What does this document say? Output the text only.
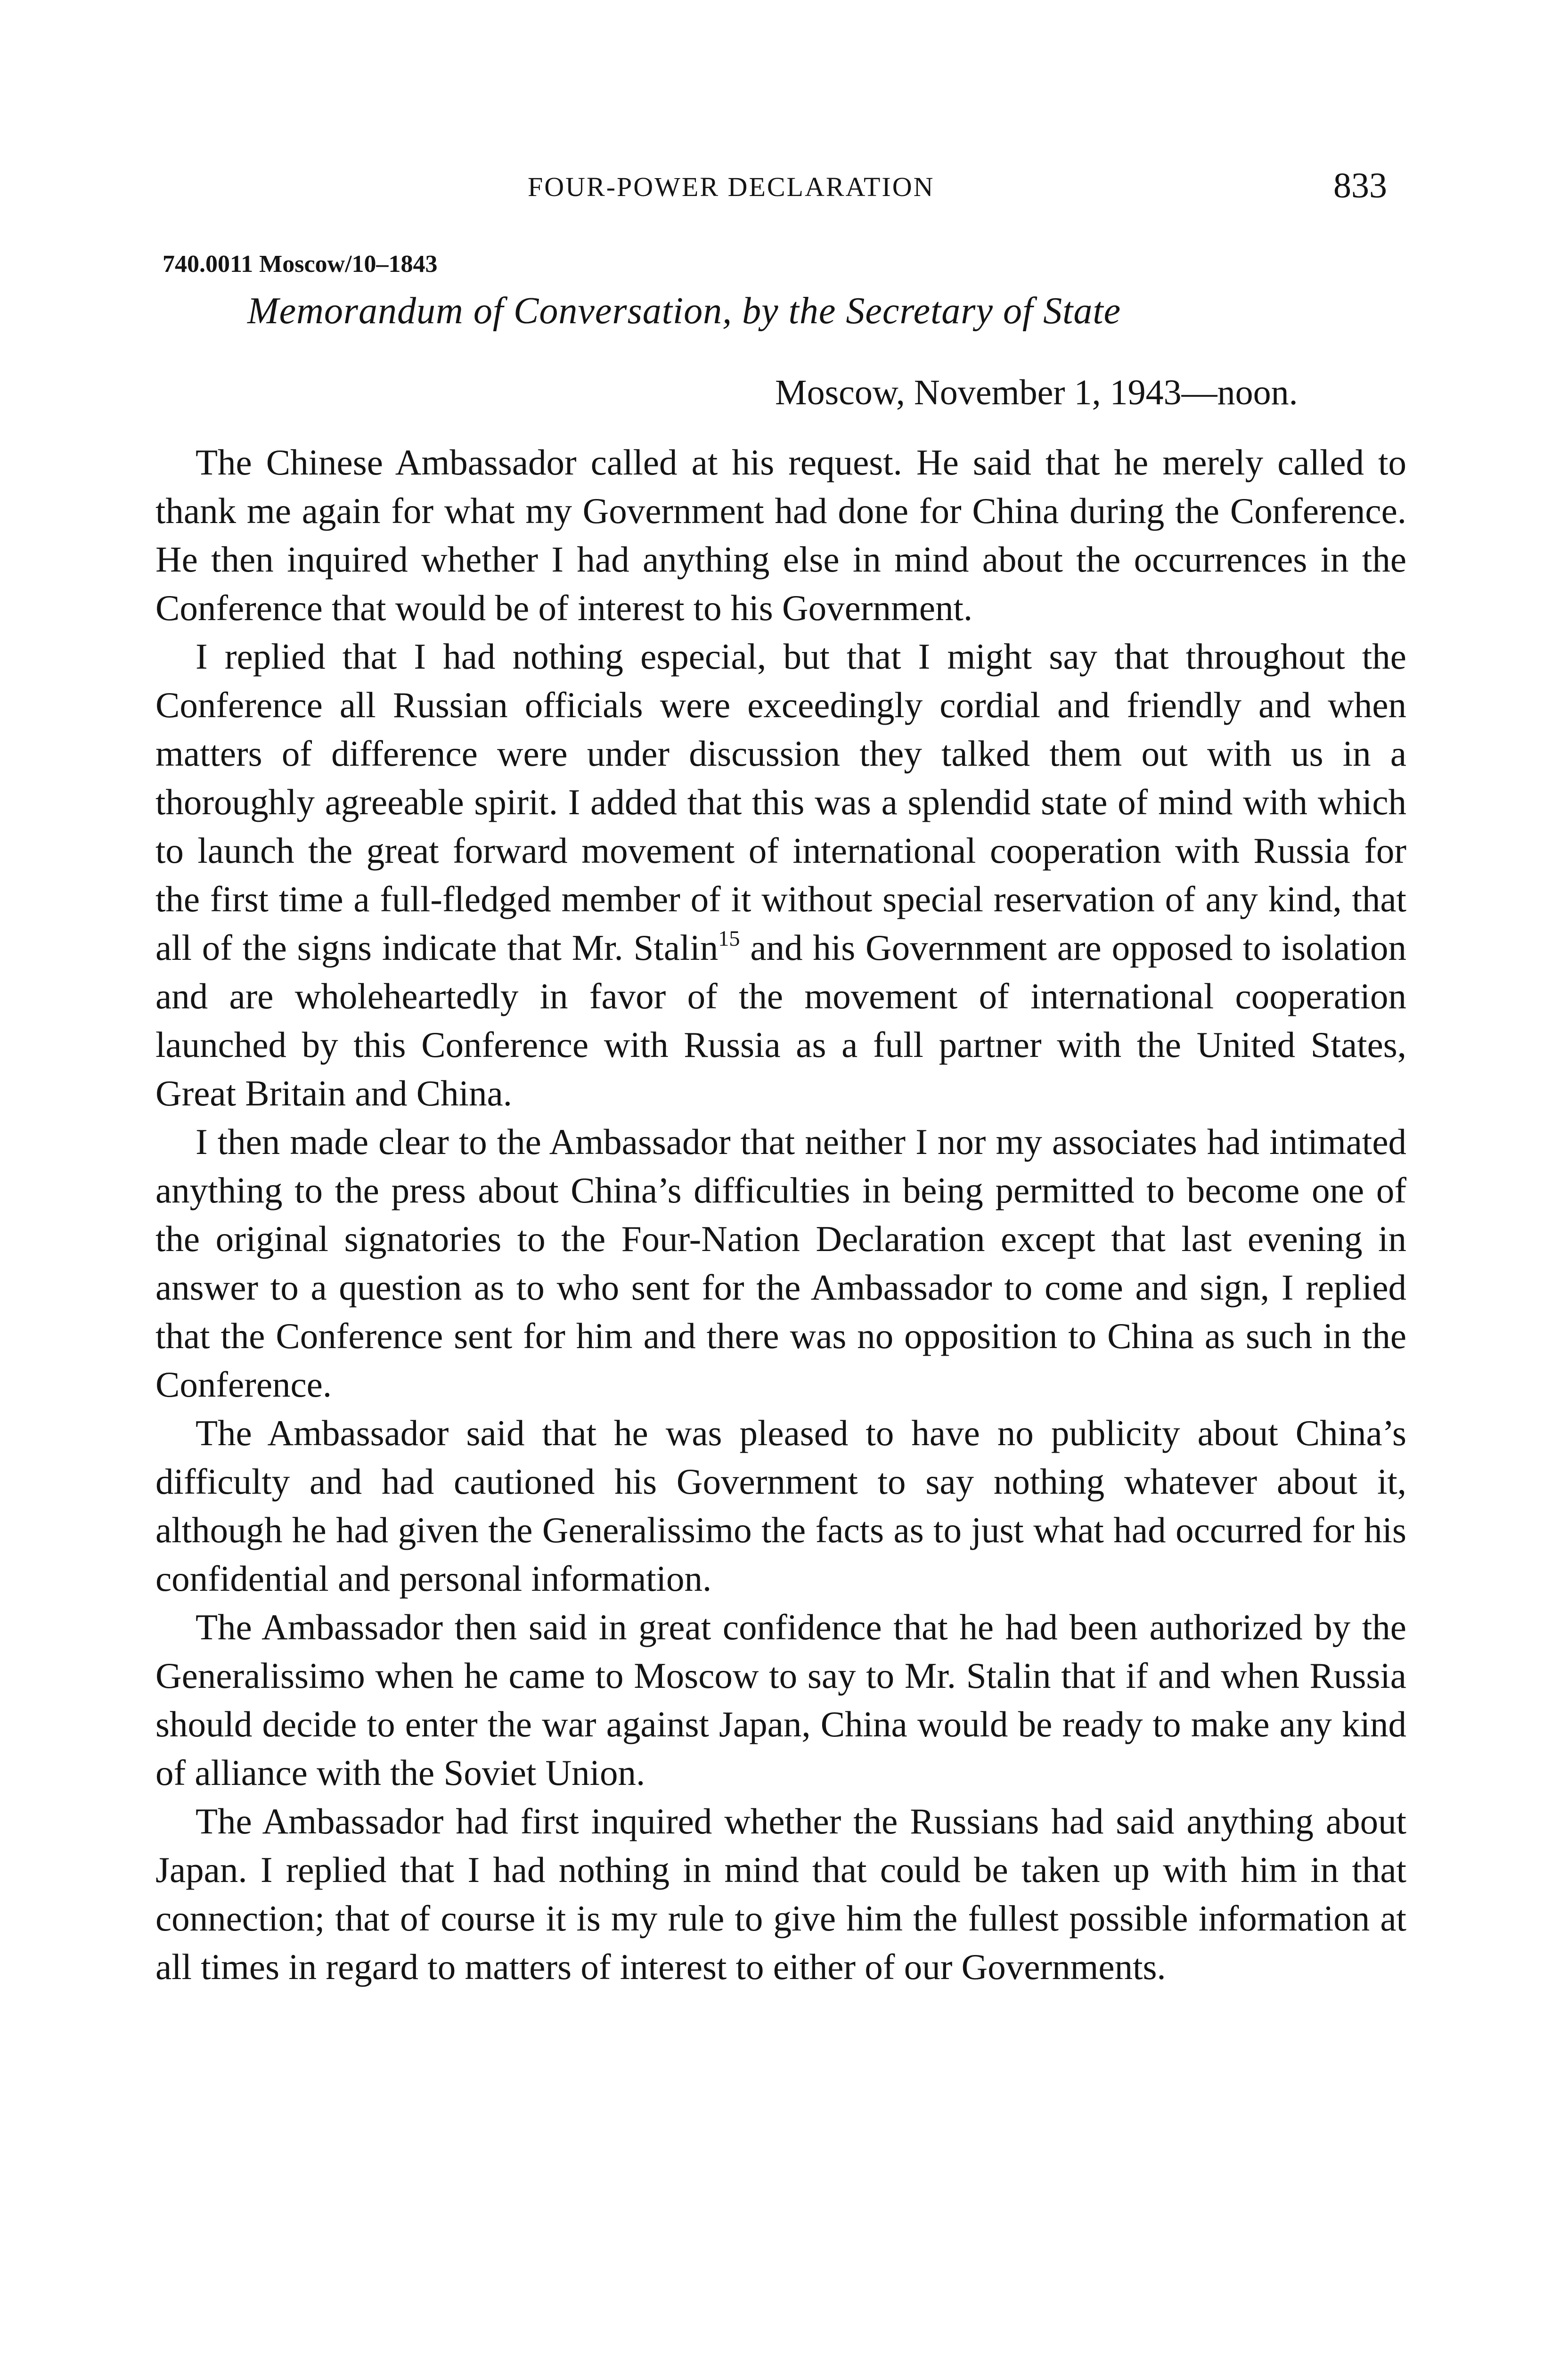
FOUR-POWER DECLARATION	833
740.0011 Moscow/10–1843
Memorandum of Conversation, by the Secretary of State
Moscow, November 1, 1943—noon.

The Chinese Ambassador called at his request. He said that he merely called to thank me again for what my Government had done for China during the Conference. He then inquired whether I had anything else in mind about the occurrences in the Conference that would be of interest to his Government.

I replied that I had nothing especial, but that I might say that throughout the Conference all Russian officials were exceedingly cordial and friendly and when matters of difference were under discussion they talked them out with us in a thoroughly agreeable spirit. I added that this was a splendid state of mind with which to launch the great forward movement of international cooperation with Russia for the first time a full-fledged member of it without special reservation of any kind, that all of the signs indicate that Mr. Stalin$^{15}$ and his Government are opposed to isolation and are wholeheartedly in favor of the movement of international cooperation launched by this Conference with Russia as a full partner with the United States, Great Britain and China.

I then made clear to the Ambassador that neither I nor my associates had intimated anything to the press about China’s difficulties in being permitted to become one of the original signatories to the Four-Nation Declaration except that last evening in answer to a question as to who sent for the Ambassador to come and sign, I replied that the Conference sent for him and there was no opposition to China as such in the Conference.

The Ambassador said that he was pleased to have no publicity about China’s difficulty and had cautioned his Government to say nothing whatever about it, although he had given the Generalissimo the facts as to just what had occurred for his confidential and personal information.

The Ambassador then said in great confidence that he had been authorized by the Generalissimo when he came to Moscow to say to Mr. Stalin that if and when Russia should decide to enter the war against Japan, China would be ready to make any kind of alliance with the Soviet Union.

The Ambassador had first inquired whether the Russians had said anything about Japan. I replied that I had nothing in mind that could be taken up with him in that connection; that of course it is my rule to give him the fullest possible information at all times in regard to matters of interest to either of our Governments.
